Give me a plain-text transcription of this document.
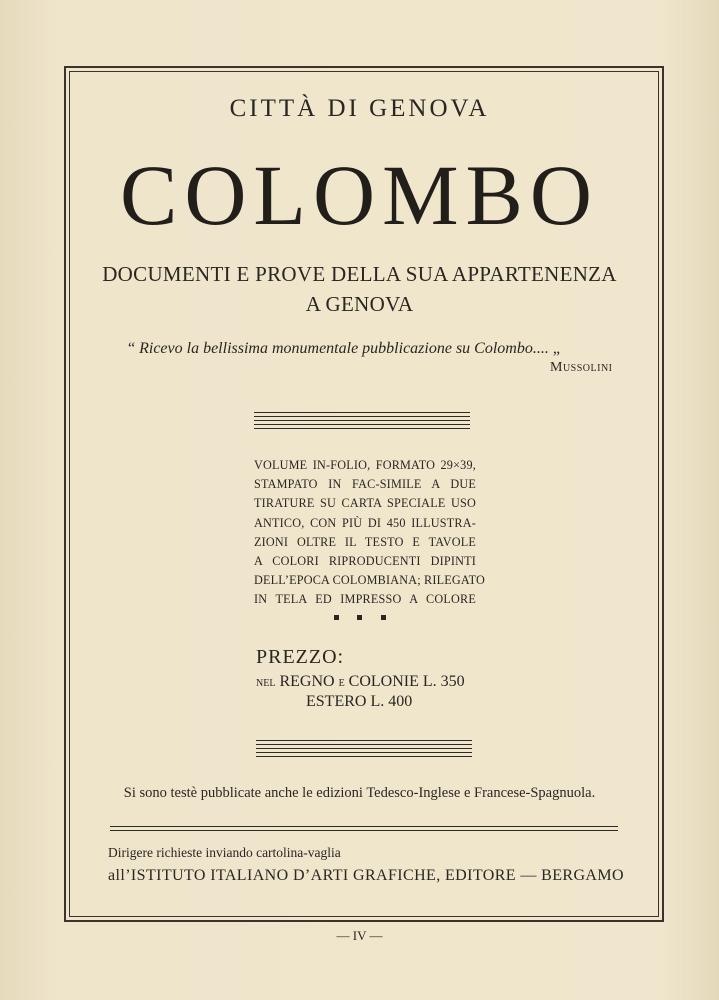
CITTÀ DI GENOVA
COLOMBO
DOCUMENTI E PROVE DELLA SUA APPARTENENZA
A GENOVA
“ Ricevo la bellissima monumentale pubblicazione su Colombo.... „
Mussolini
VOLUME IN-FOLIO, FORMATO 29×39,
STAMPATO IN FAC-SIMILE A DUE
TIRATURE SU CARTA SPECIALE USO
ANTICO, CON PIÙ DI 450 ILLUSTRA-
ZIONI OLTRE IL TESTO E TAVOLE
A COLORI RIPRODUCENTI DIPINTI
DELL’EPOCA COLOMBIANA; RILEGATO
IN TELA ED IMPRESSO A COLORE

PREZZO:
nel REGNO e COLONIE L. 350
ESTERO L. 400
Si sono testè pubblicate anche le edizioni Tedesco-Inglese e Francese-Spagnuola.
Dirigere richieste inviando cartolina-vaglia
all’ISTITUTO ITALIANO D’ARTI GRAFICHE, EDITORE — BERGAMO
— IV —
